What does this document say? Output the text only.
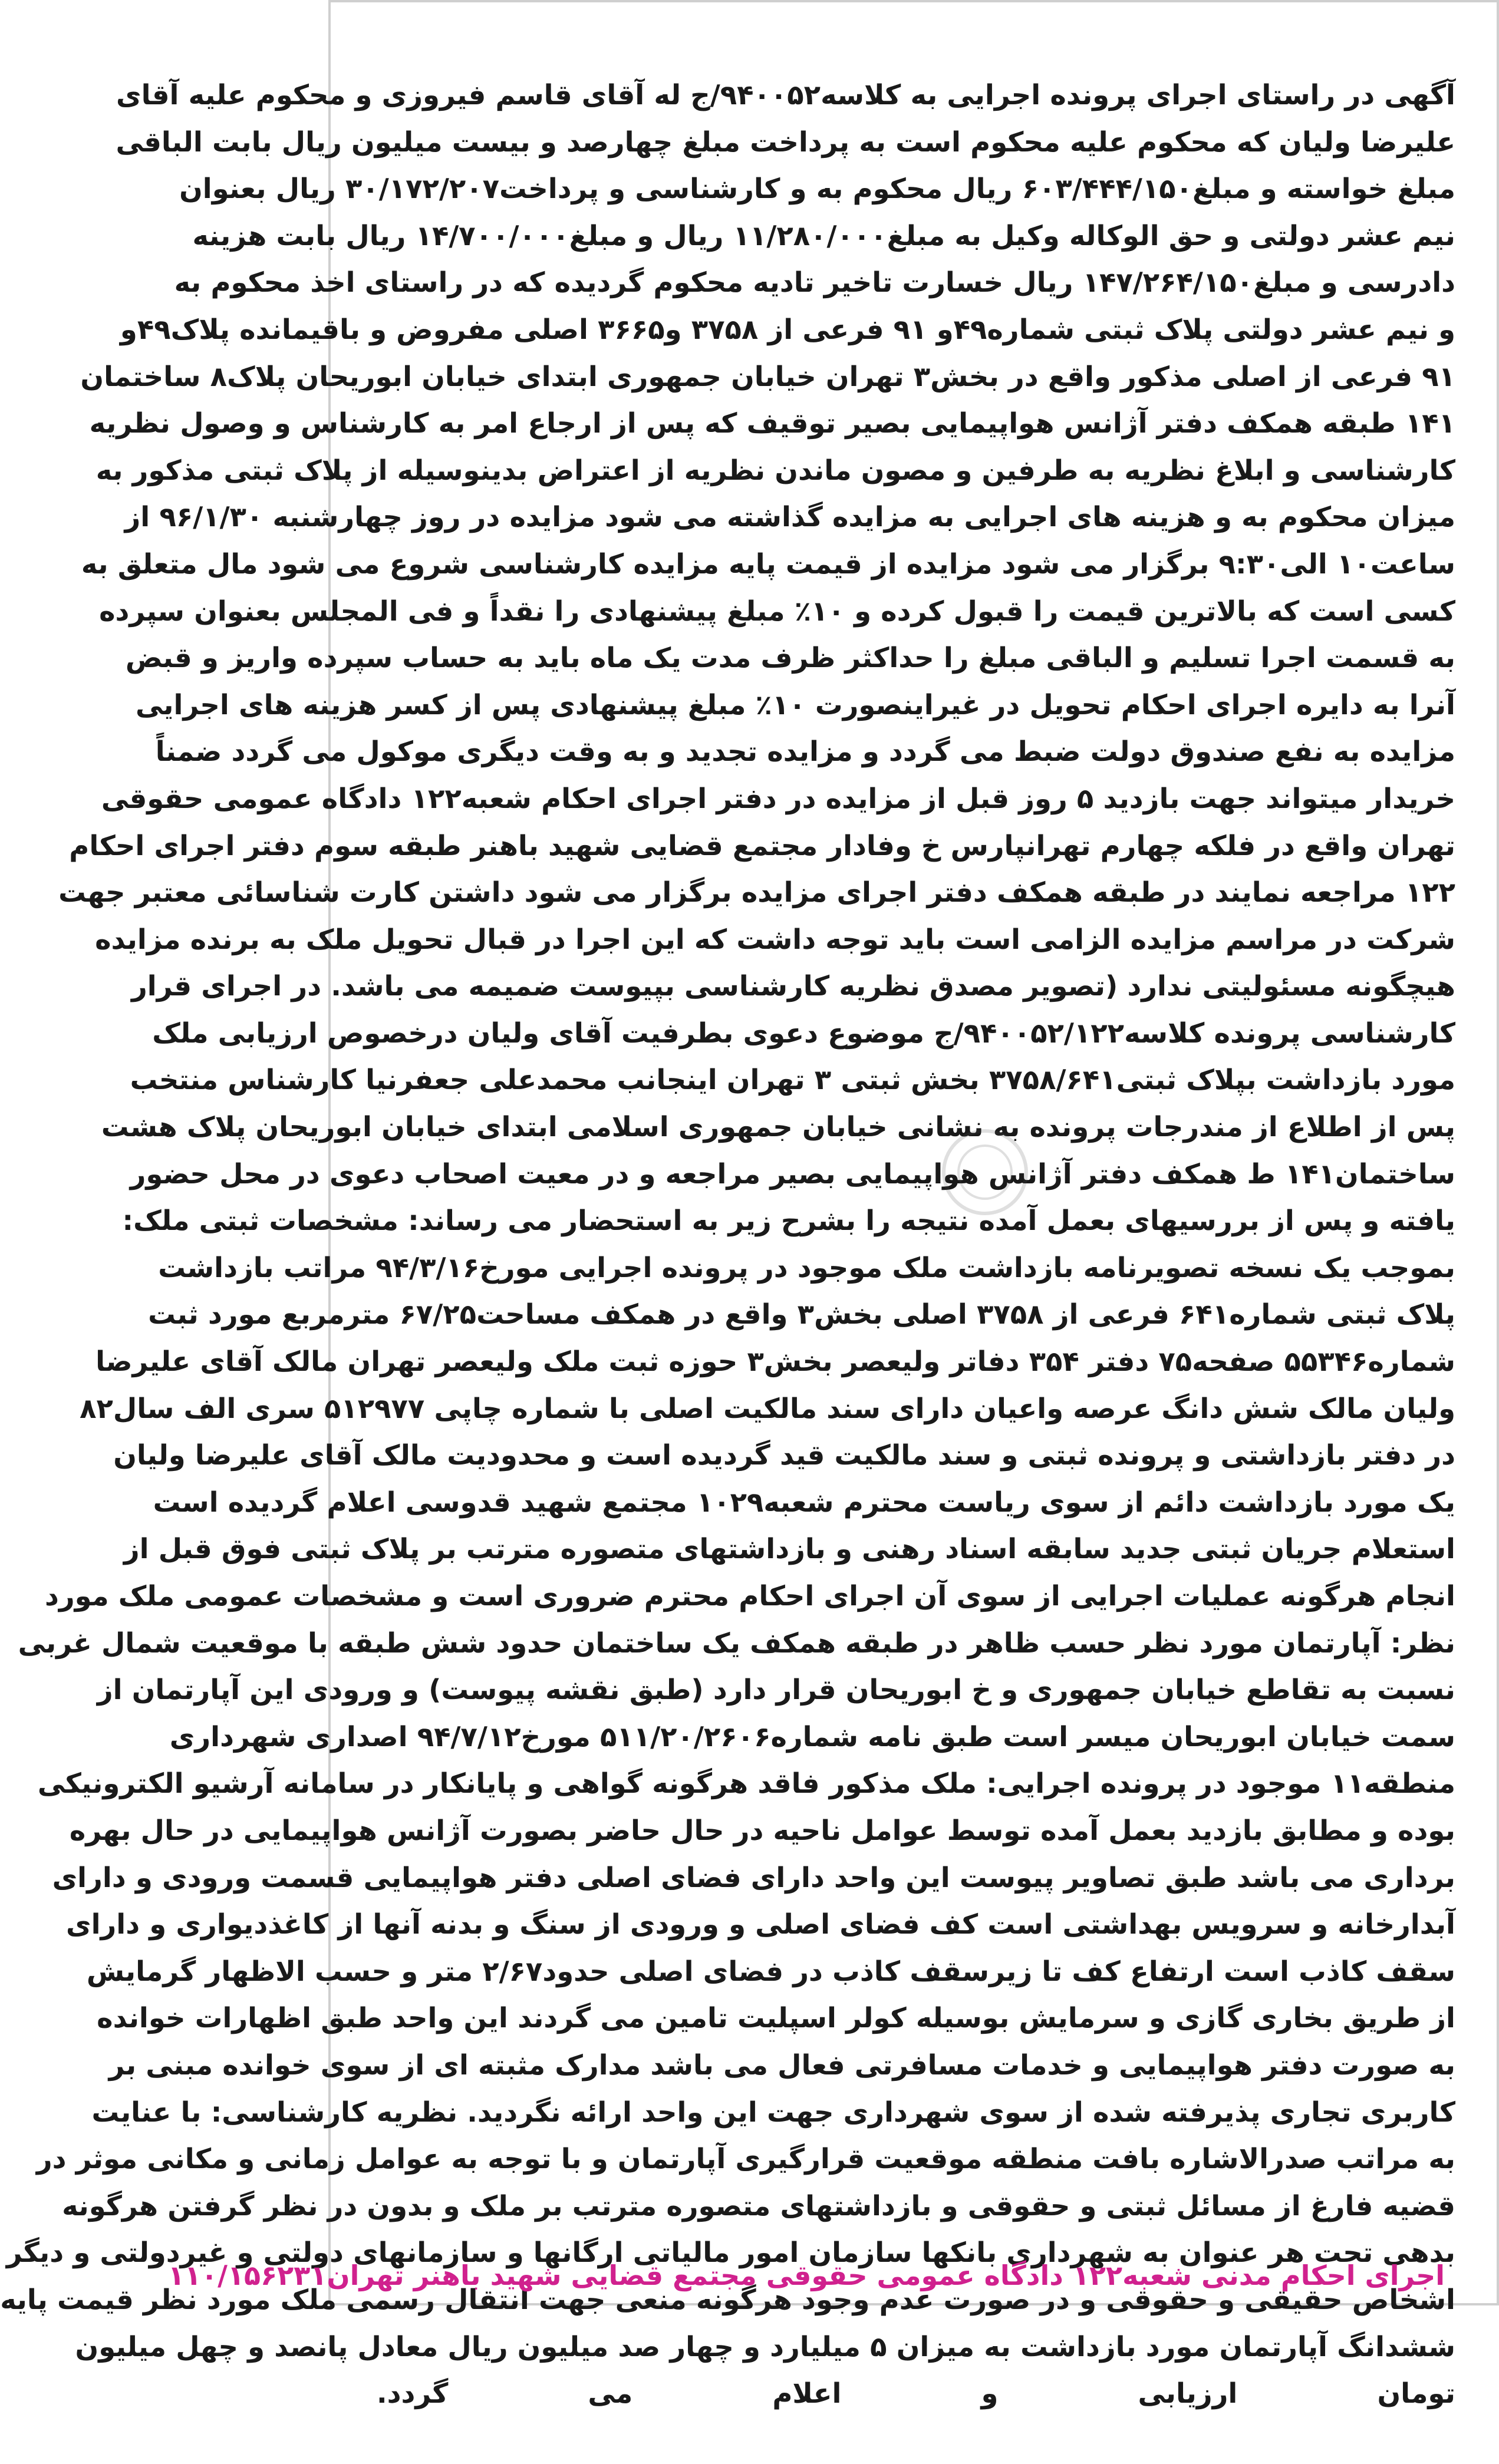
آگهی در راستای اجرای پرونده اجرایی به کلاسه۹۴۰۰۵۲/ج له آقای قاسم فیروزی و محکوم علیه آقای
علیرضا ولیان که محکوم علیه محکوم است به پرداخت مبلغ چهارصد و بیست میلیون ریال بابت الباقی
مبلغ خواسته و مبلغ۶۰۳/۴۴۴/۱۵۰ ریال محکوم به و کارشناسی و پرداخت۳۰/۱۷۲/۲۰۷ ریال بعنوان
نیم عشر دولتی و حق الوکاله وکیل به مبلغ۱۱/۲۸۰/۰۰۰ ریال و مبلغ۱۴/۷۰۰/۰۰۰ ریال بابت هزینه
دادرسی و مبلغ۱۴۷/۲۶۴/۱۵۰ ریال خسارت تاخیر تادیه محکوم گردیده که در راستای اخذ محکوم به
و نیم عشر دولتی پلاک ثبتی شماره۴۹و ۹۱ فرعی از ۳۷۵۸ و۳۶۶۵ اصلی مفروض و باقیمانده پلاک۴۹و
۹۱ فرعی از اصلی مذکور واقع در بخش۳ تهران خیابان جمهوری ابتدای خیابان ابوریحان پلاک۸ ساختمان
۱۴۱ طبقه همکف دفتر آژانس هواپیمایی بصیر توقیف که پس از ارجاع امر به کارشناس و وصول نظریه
کارشناسی و ابلاغ نظریه به طرفین و مصون ماندن نظریه از اعتراض بدینوسیله از پلاک ثبتی مذکور به
میزان محکوم به و هزینه های اجرایی به مزایده گذاشته می شود مزایده در روز چهارشنبه ۹۶/۱/۳۰ از
ساعت۱۰ الی۹:۳۰ برگزار می شود مزایده از قیمت پایه مزایده کارشناسی شروع می شود مال متعلق به
کسی است که بالاترین قیمت را قبول کرده و ۱۰٪ مبلغ پیشنهادی را نقداً و فی المجلس بعنوان سپرده
به قسمت اجرا تسلیم و الباقی مبلغ را حداکثر ظرف مدت یک ماه باید به حساب سپرده واریز و قبض
آنرا به دایره اجرای احکام تحویل در غیراینصورت ۱۰٪ مبلغ پیشنهادی پس از کسر هزینه های اجرایی
مزایده به نفع صندوق دولت ضبط می گردد و مزایده تجدید و به وقت دیگری موکول می گردد ضمناً
خریدار میتواند جهت بازدید ۵ روز قبل از مزایده در دفتر اجرای احکام شعبه۱۲۲ دادگاه عمومی حقوقی
تهران واقع در فلکه چهارم تهرانپارس خ وفادار مجتمع قضایی شهید باهنر طبقه سوم دفتر اجرای احکام
۱۲۲ مراجعه نمایند در طبقه همکف دفتر اجرای مزایده برگزار می شود داشتن کارت شناسائی معتبر جهت
شرکت در مراسم مزایده الزامی است باید توجه داشت که این اجرا در قبال تحویل ملک به برنده مزایده
هیچگونه مسئولیتی ندارد (تصویر مصدق نظریه کارشناسی بپیوست ضمیمه می باشد. در اجرای قرار
کارشناسی پرونده کلاسه۹۴۰۰۵۲/۱۲۲/ج موضوع دعوی بطرفیت آقای ولیان درخصوص ارزیابی ملک
مورد بازداشت بپلاک ثبتی۳۷۵۸/۶۴۱ بخش ثبتی ۳ تهران اینجانب محمدعلی جعفرنیا کارشناس منتخب
پس از اطلاع از مندرجات پرونده به نشانی خیابان جمهوری اسلامی ابتدای خیابان ابوریحان پلاک هشت
ساختمان۱۴۱ ط همکف دفتر آژانس هواپیمایی بصیر مراجعه و در معیت اصحاب دعوی در محل حضور
یافته و پس از بررسیهای بعمل آمده نتیجه را بشرح زیر به استحضار می رساند: مشخصات ثبتی ملک:
بموجب یک نسخه تصویرنامه بازداشت ملک موجود در پرونده اجرایی مورخ۹۴/۳/۱۶ مراتب بازداشت
پلاک ثبتی شماره۶۴۱ فرعی از ۳۷۵۸ اصلی بخش۳ واقع در همکف مساحت۶۷/۲۵ مترمربع مورد ثبت
شماره۵۵۳۴۶ صفحه۷۵ دفتر ۳۵۴ دفاتر ولیعصر بخش۳ حوزه ثبت ملک ولیعصر تهران مالک آقای علیرضا
ولیان مالک شش دانگ عرصه واعیان دارای سند مالکیت اصلی با شماره چاپی ۵۱۲۹۷۷ سری الف سال۸۲
در دفتر بازداشتی و پرونده ثبتی و سند مالکیت قید گردیده است و محدودیت مالک آقای علیرضا ولیان
یک مورد بازداشت دائم از سوی ریاست محترم شعبه۱۰۲۹ مجتمع شهید قدوسی اعلام گردیده است
استعلام جریان ثبتی جدید سابقه اسناد رهنی و بازداشتهای متصوره مترتب بر پلاک ثبتی فوق قبل از
انجام هرگونه عملیات اجرایی از سوی آن اجرای احکام محترم ضروری است و مشخصات عمومی ملک مورد
نظر: آپارتمان مورد نظر حسب ظاهر در طبقه همکف یک ساختمان حدود شش طبقه با موقعیت شمال غربی
نسبت به تقاطع خیابان جمهوری و خ ابوریحان قرار دارد (طبق نقشه پیوست) و ورودی این آپارتمان از
سمت خیابان ابوریحان میسر است طبق نامه شماره۵۱۱/۲۰/۲۶۰۶ مورخ۹۴/۷/۱۲ اصداری شهرداری
منطقه۱۱ موجود در پرونده اجرایی: ملک مذکور فاقد هرگونه گواهی و پایانکار در سامانه آرشیو الکترونیکی
بوده و مطابق بازدید بعمل آمده توسط عوامل ناحیه در حال حاضر بصورت آژانس هواپیمایی در حال بهره
برداری می باشد طبق تصاویر پیوست این واحد دارای فضای اصلی دفتر هواپیمایی قسمت ورودی و دارای
آبدارخانه و سرویس بهداشتی است کف فضای اصلی و ورودی از سنگ و بدنه آنها از کاغذدیواری و دارای
سقف کاذب است ارتفاع کف تا زیرسقف کاذب در فضای اصلی حدود۲/۶۷ متر و حسب الاظهار گرمایش
از طریق بخاری گازی و سرمایش بوسیله کولر اسپلیت تامین می گردند این واحد طبق اظهارات خوانده
به صورت دفتر هواپیمایی و خدمات مسافرتی فعال می باشد مدارک مثبته ای از سوی خوانده مبنی بر
کاربری تجاری پذیرفته شده از سوی شهرداری جهت این واحد ارائه نگردید. نظریه کارشناسی: با عنایت
به مراتب صدرالاشاره بافت منطقه موقعیت قرارگیری آپارتمان و با توجه به عوامل زمانی و مکانی موثر در
قضیه فارغ از مسائل ثبتی و حقوقی و بازداشتهای متصوره مترتب بر ملک و بدون در نظر گرفتن هرگونه
بدهی تحت هر عنوان به شهرداری بانکها سازمان امور مالیاتی ارگانها و سازمانهای دولتی و غیردولتی و دیگر
اشخاص حقیقی و حقوقی و در صورت عدم وجود هرگونه منعی جهت انتقال رسمی ملک مورد نظر قیمت پایه
ششدانگ آپارتمان مورد بازداشت به میزان ۵ میلیارد و چهار صد میلیون ریال معادل پانصد و چهل میلیون
تومان ارزیابی و اعلام می گردد.
اجرای احکام مدنی شعبه۱۲۲ دادگاه عمومی حقوقی مجتمع قضایی شهید باهنر تهران
۱۱۰/۱۵۶۲۳۱
